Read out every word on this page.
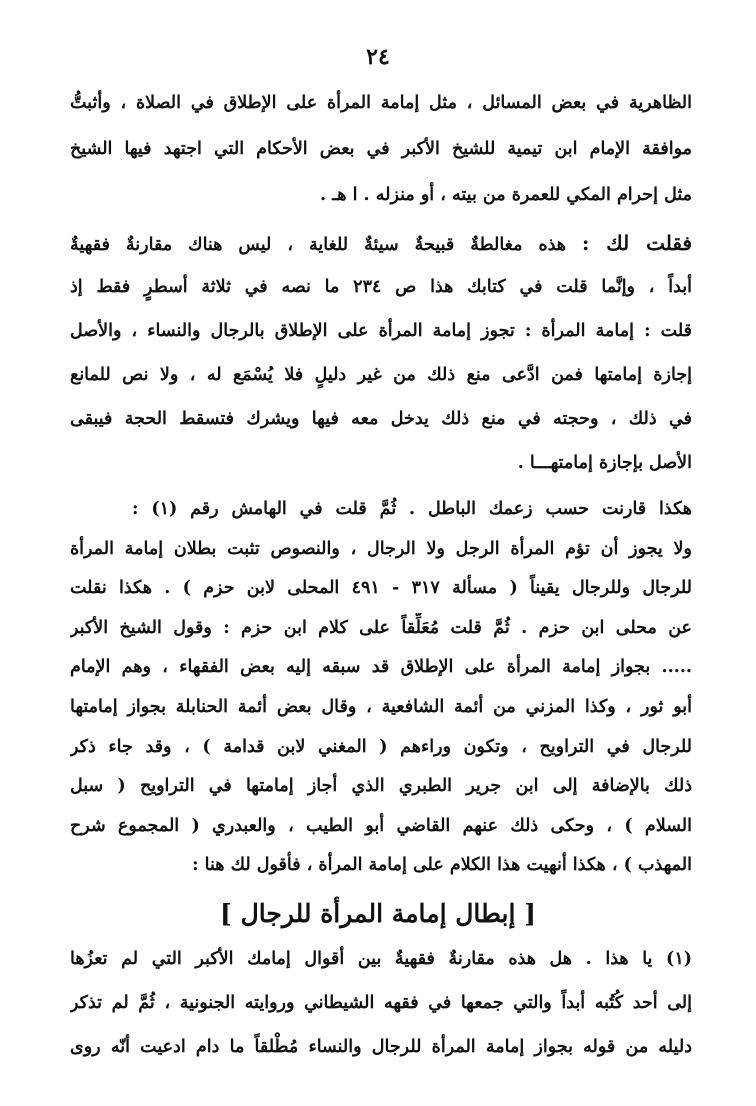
٢٤
الظاهرية في بعض المسائل ، مثل إمامة المرأة على الإطلاق في الصلاة ، وأثبتُّ
موافقة الإمام ابن تيمية للشيخ الأكبر في بعض الأحكام التي اجتهد فيها الشيخ
مثل إحرام المكي للعمرة من بيته ، أو منزله . ا هـ .
فقلت لك : هذه مغالطةٌ قبيحةٌ سيئةٌ للغاية ، ليس هناك مقارنةٌ فقهيةٌ
أبداً ، وإنَّما قلت في كتابك هذا ص ٢٣٤ ما نصه في ثلاثة أسطرٍ فقط إذ
قلت : إمامة المرأة : تجوز إمامة المرأة على الإطلاق بالرجال والنساء ، والأصل
إجازة إمامتها فمن ادَّعى منع ذلك من غير دليلٍ فلا يُسْمَع له ، ولا نص للمانع
في ذلك ، وحجته في منع ذلك يدخل معه فيها ويشرك فتسقط الحجة فيبقى
الأصل بإجازة إمامتهـــا .
هكذا قارنت حسب زعمك الباطل . ثُمَّ قلت في الهامش رقم (١) :
ولا يجوز أن تؤم المرأة الرجل ولا الرجال ، والنصوص تثبت بطلان إمامة المرأة
للرجال وللرجال يقيناً ( مسألة ٣١٧ - ٤٩١ المحلى لابن حزم ) . هكذا نقلت
عن محلى ابن حزم . ثُمَّ قلت مُعَلِّقاً على كلام ابن حزم : وقول الشيخ الأكبر
..... بجواز إمامة المرأة على الإطلاق قد سبقه إليه بعض الفقهاء ، وهم الإمام
أبو ثور ، وكذا المزني من أئمة الشافعية ، وقال بعض أئمة الحنابلة بجواز إمامتها
للرجال في التراويح ، وتكون وراءهم ( المغني لابن قدامة ) ، وقد جاء ذكر
ذلك بالإضافة إلى ابن جرير الطبري الذي أجاز إمامتها في التراويح ( سبل
السلام ) ، وحكى ذلك عنهم القاضي أبو الطيب ، والعبدري ( المجموع شرح
[ إبطال إمامة المرأة للرجال ]
(١) يا هذا . هل هذه مقارنةٌ فقهيةٌ بين أقوال إمامك الأكبر التي لم تعزُها
إلى أحد كُتُبه أبداً والتي جمعها في فقهه الشيطاني وروايته الجنونية ، ثُمَّ لم تذكر
دليله من قوله بجواز إمامة المرأة للرجال والنساء مُطْلقاً ما دام ادعيت أنّه روى
المهذب ) ، هكذا أنهيت هذا الكلام على إمامة المرأة ، فأقول لك هنا :
